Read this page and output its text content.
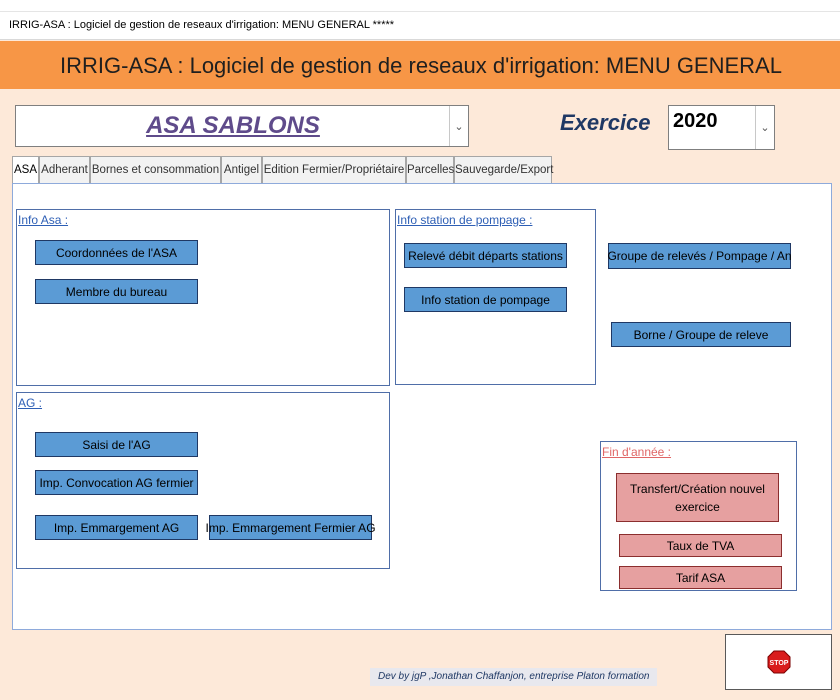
IRRIG-ASA : Logiciel de gestion de reseaux d'irrigation: MENU GENERAL *****
IRRIG-ASA : Logiciel de gestion de reseaux d'irrigation: MENU GENERAL
ASA SABLONS	⌄	Exercice 2020	⌄
ASA Adherant Bornes et consommation Antigel Edition Fermier/Propriétaire Parcelles Sauvegarde/Export
Info Asa :
Coordonnées de l'ASA
Membre du bureau
Info station de pompage :
Relevé débit départs stations
Info station de pompage
Groupe de relevés / Pompage / An
Borne / Groupe de releve
AG :
Saisi de l'AG
Imp. Convocation AG fermier
Imp. Emmargement AG	Imp. Emmargement Fermier AG
Fin d'année :
Transfert/Création nouvel exercice
Taux de TVA
Tarif ASA
Dev by jgP ,Jonathan Chaffanjon, entreprise Platon formation
STOP
